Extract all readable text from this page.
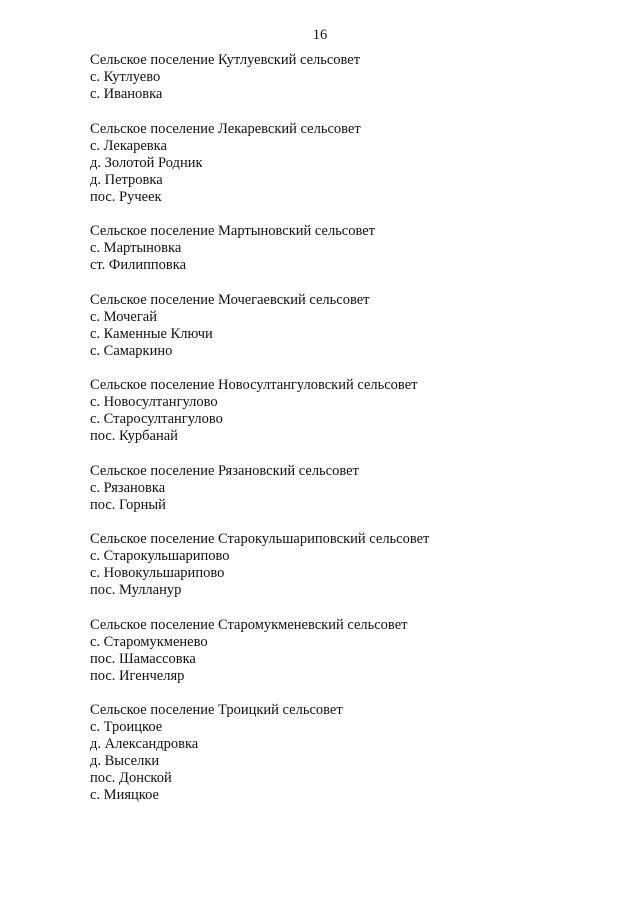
16
Сельское поселение Кутлуевский сельсовет
с. Кутлуево
с. Ивановка
Сельское поселение Лекаревский сельсовет
с. Лекаревка
д. Золотой Родник
д. Петровка
пос. Ручеек
Сельское поселение Мартыновский сельсовет
с. Мартыновка
ст. Филипповка
Сельское поселение Мочегаевский сельсовет
с. Мочегай
с. Каменные Ключи
с. Самаркино
Сельское поселение Новосултангуловский сельсовет
с. Новосултангулово
с. Старосултангулово
пос. Курбанай
Сельское поселение Рязановский сельсовет
с. Рязановка
пос. Горный
Сельское поселение Старокульшариповский сельсовет
с. Старокульшарипово
с. Новокульшарипово
пос. Мулланур
Сельское поселение Старомукменевский сельсовет
с. Старомукменево
пос. Шамассовка
пос. Игенчеляр
Сельское поселение Троицкий сельсовет
с. Троицкое
д. Александровка
д. Выселки
пос. Донской
с. Мияцкое
